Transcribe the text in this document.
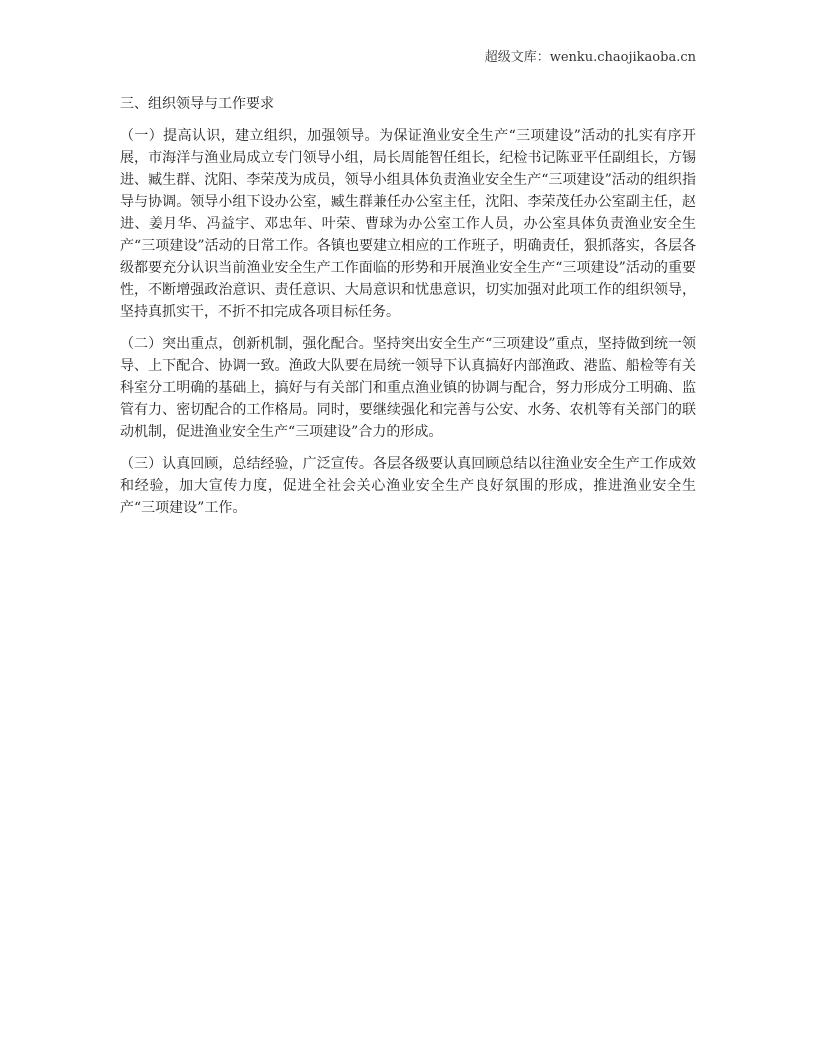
超级文库：wenku.chaojikaoba.cn
三、组织领导与工作要求

（一）提高认识，建立组织，加强领导。为保证渔业安全生产“三项建设”活动的扎实有序开展，市海洋与渔业局成立专门领导小组，局长周能智任组长，纪检书记陈亚平任副组长，方锡进、臧生群、沈阳、李荣茂为成员，领导小组具体负责渔业安全生产“三项建设”活动的组织指导与协调。领导小组下设办公室，臧生群兼任办公室主任，沈阳、李荣茂任办公室副主任，赵进、姜月华、冯益宇、邓忠年、叶荣、曹球为办公室工作人员，办公室具体负责渔业安全生产“三项建设”活动的日常工作。各镇也要建立相应的工作班子，明确责任，狠抓落实，各层各级都要充分认识当前渔业安全生产工作面临的形势和开展渔业安全生产“三项建设”活动的重要性，不断增强政治意识、责任意识、大局意识和忧患意识，切实加强对此项工作的组织领导，坚持真抓实干，不折不扣完成各项目标任务。

（二）突出重点，创新机制，强化配合。坚持突出安全生产“三项建设”重点，坚持做到统一领导、上下配合、协调一致。渔政大队要在局统一领导下认真搞好内部渔政、港监、船检等有关科室分工明确的基础上，搞好与有关部门和重点渔业镇的协调与配合，努力形成分工明确、监管有力、密切配合的工作格局。同时，要继续强化和完善与公安、水务、农机等有关部门的联动机制，促进渔业安全生产“三项建设”合力的形成。

（三）认真回顾，总结经验，广泛宣传。各层各级要认真回顾总结以往渔业安全生产工作成效和经验，加大宣传力度，促进全社会关心渔业安全生产良好氛围的形成，推进渔业安全生产“三项建设”工作。
